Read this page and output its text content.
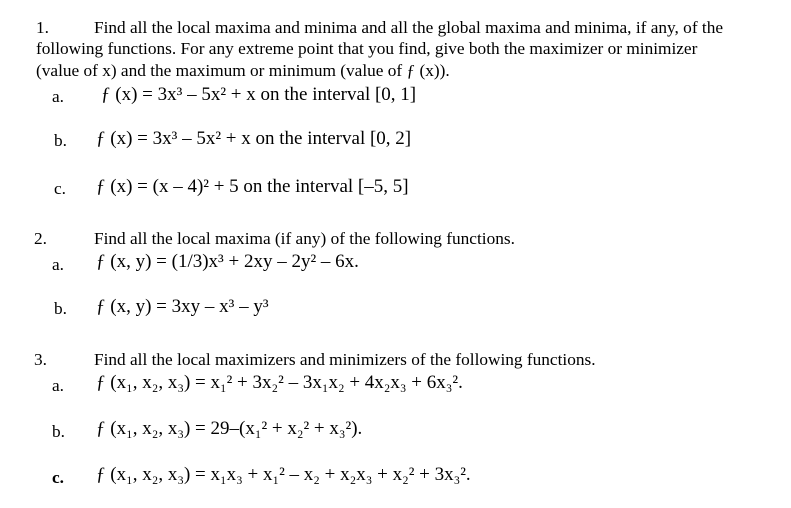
1.	Find all the local maxima and minima and all the global maxima and minima, if any, of the
following functions. For any extreme point that you find, give both the maximizer or minimizer
(value of x) and the maximum or minimum (value of ƒ (x)).
a. ƒ (x) = 3x³ – 5x² + x on the interval [0, 1]
b. ƒ (x) = 3x³ – 5x² + x on the interval [0, 2]
c. ƒ (x) = (x – 4)² + 5 on the interval [–5, 5]
2.	Find all the local maxima (if any) of the following functions.
a. ƒ (x, y) = (1/3)x³ + 2xy – 2y² – 6x.
b. ƒ (x, y) = 3xy – x³ – y³
3.	Find all the local maximizers and minimizers of the following functions.
a. ƒ (x₁, x₂, x₃) = x₁² + 3x₂² – 3x₁x₂ + 4x₂x₃ + 6x₃².
b. ƒ (x₁, x₂, x₃) = 29–(x₁² + x₂² + x₃²).
c. ƒ (x₁, x₂, x₃) = x₁x₃ + x₁² – x₂ + x₂x₃ + x₂² + 3x₃².
